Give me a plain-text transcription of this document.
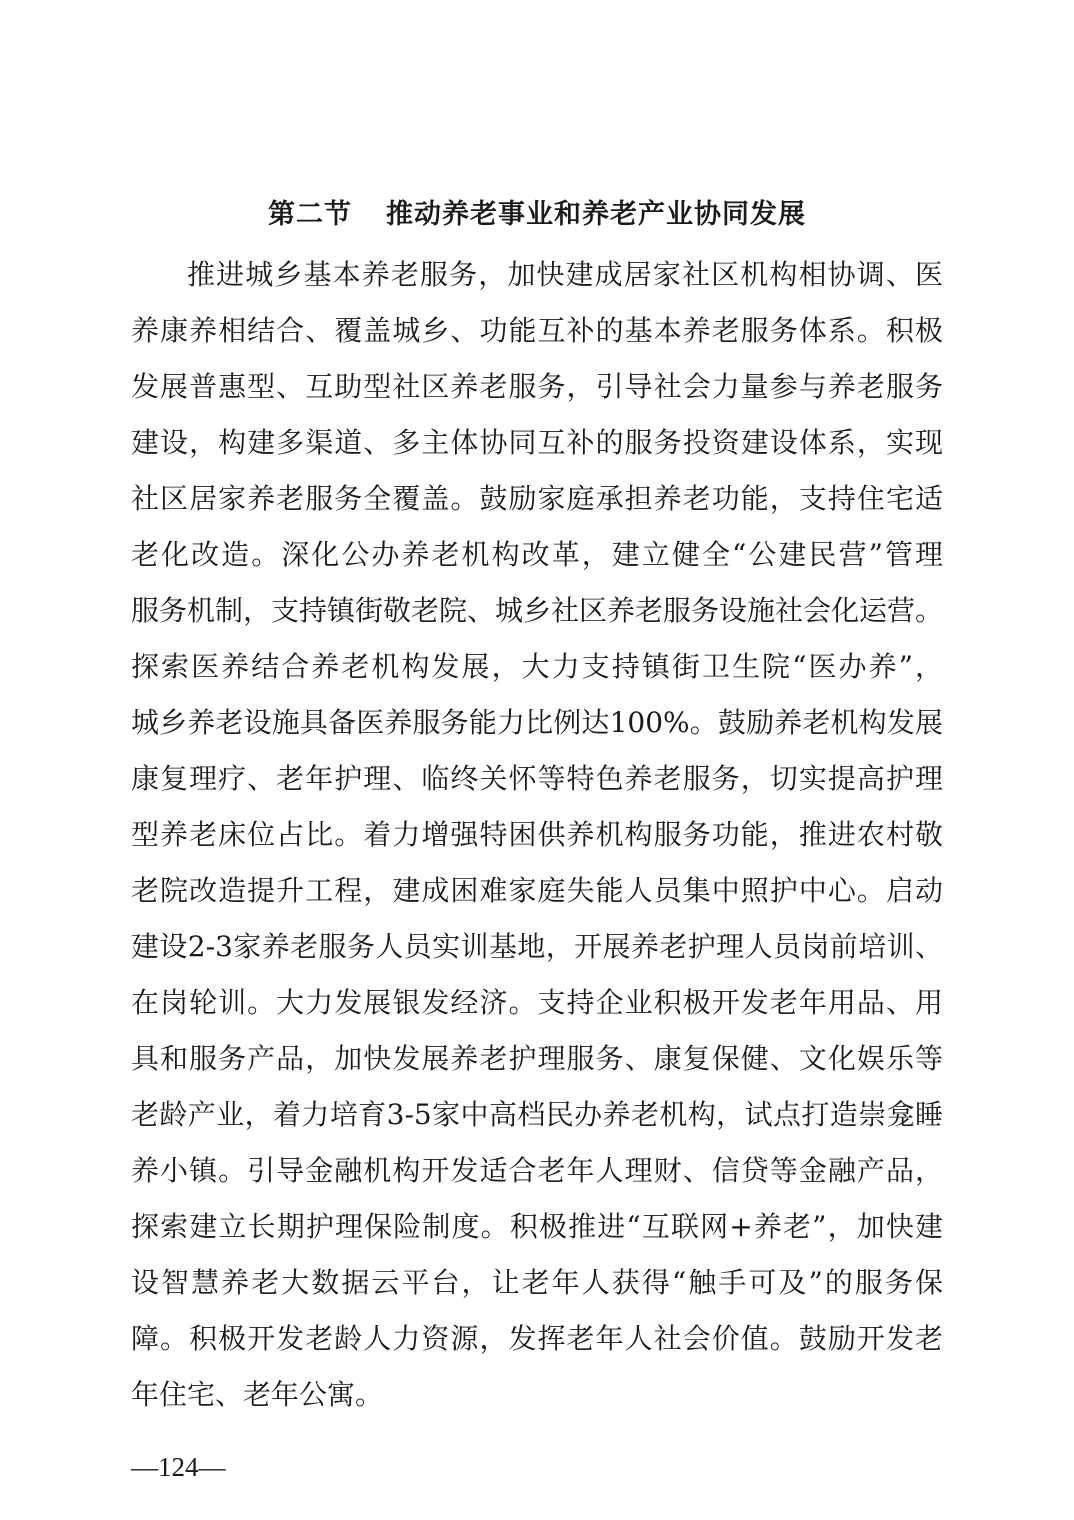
第二节 推动养老事业和养老产业协同发展
推进城乡基本养老服务，加快建成居家社区机构相协调、医
养康养相结合、覆盖城乡、功能互补的基本养老服务体系。积极
发展普惠型、互助型社区养老服务，引导社会力量参与养老服务
建设，构建多渠道、多主体协同互补的服务投资建设体系，实现
社区居家养老服务全覆盖。鼓励家庭承担养老功能，支持住宅适
老化改造。深化公办养老机构改革，建立健全“公建民营”管理
服务机制，支持镇街敬老院、城乡社区养老服务设施社会化运营。
探索医养结合养老机构发展，大力支持镇街卫生院“医办养”，
城乡养老设施具备医养服务能力比例达100%。鼓励养老机构发展
康复理疗、老年护理、临终关怀等特色养老服务，切实提高护理
型养老床位占比。着力增强特困供养机构服务功能，推进农村敬
老院改造提升工程，建成困难家庭失能人员集中照护中心。启动
建设2-3家养老服务人员实训基地，开展养老护理人员岗前培训、
在岗轮训。大力发展银发经济。支持企业积极开发老年用品、用
具和服务产品，加快发展养老护理服务、康复保健、文化娱乐等
老龄产业，着力培育3-5家中高档民办养老机构，试点打造崇龛睡
养小镇。引导金融机构开发适合老年人理财、信贷等金融产品，
探索建立长期护理保险制度。积极推进“互联网+养老”，加快建
设智慧养老大数据云平台，让老年人获得“触手可及”的服务保
障。积极开发老龄人力资源，发挥老年人社会价值。鼓励开发老
年住宅、老年公寓。
—124—
